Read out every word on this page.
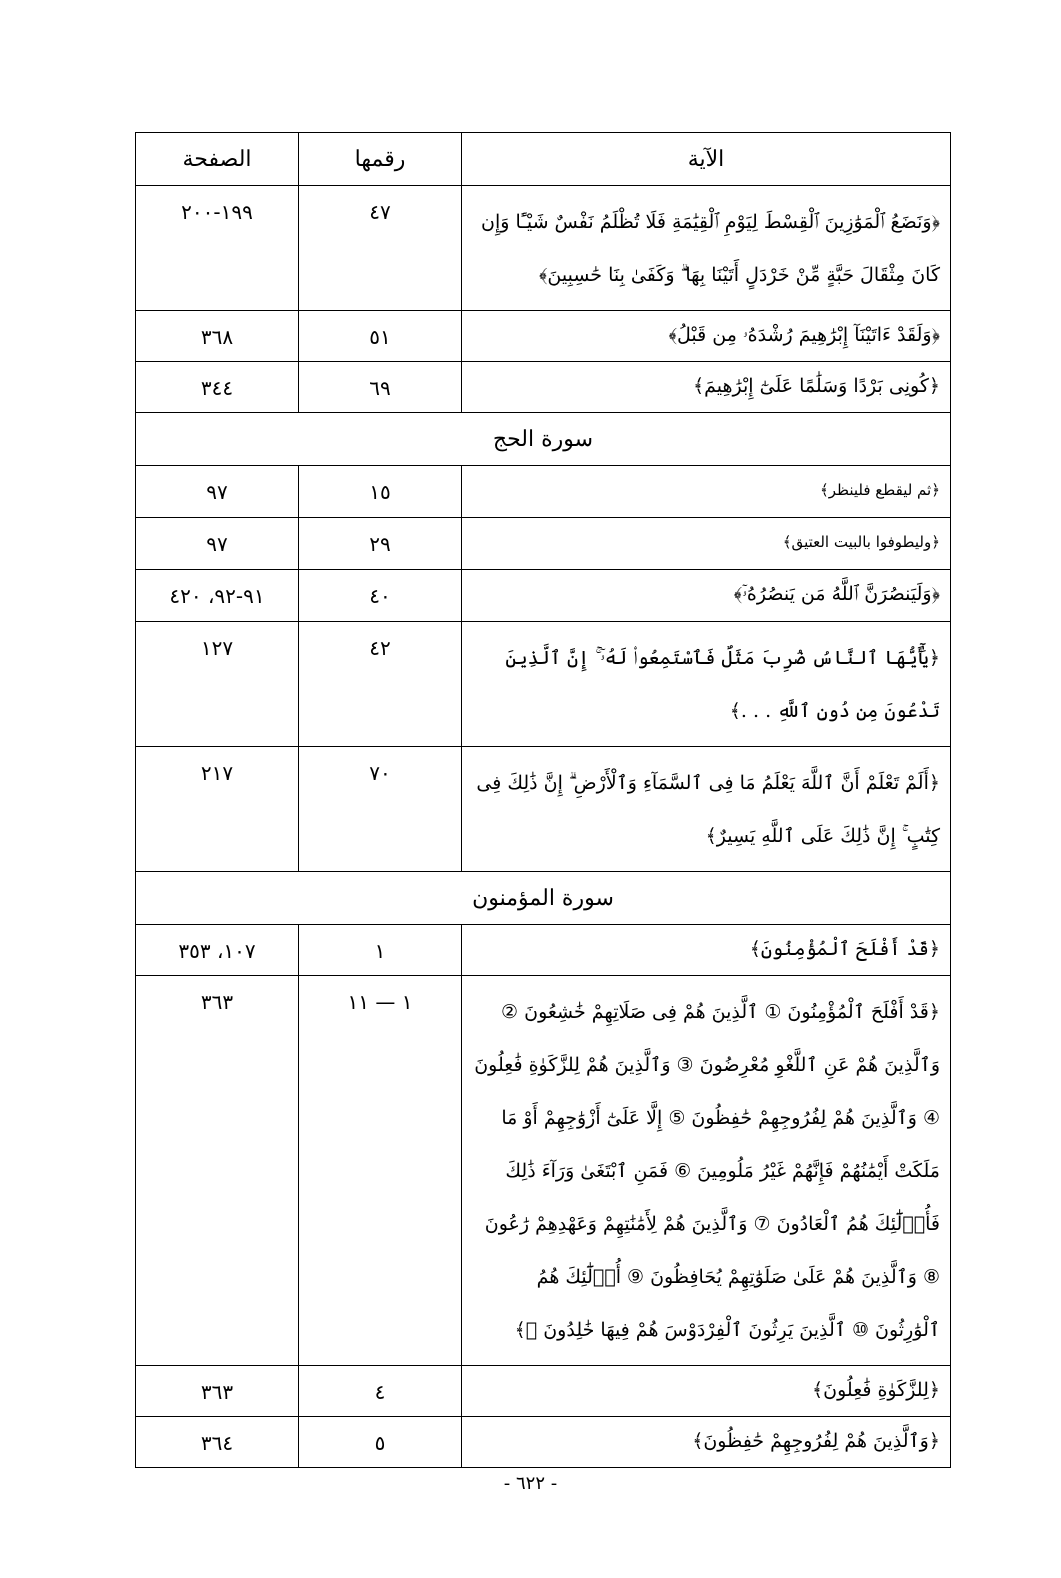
الآية	رقمها	الصفحة
﴿وَنَضَعُ ٱلْمَوَٰزِينَ ٱلْقِسْطَ لِيَوْمِ ٱلْقِيَٰمَةِ فَلَا تُظْلَمُ نَفْسٌ شَيْـًٔا وَإِن كَانَ مِثْقَالَ حَبَّةٍ مِّنْ خَرْدَلٍ أَتَيْنَا بِهَا ۗ وَكَفَىٰ بِنَا حَٰسِبِينَ﴾	٤٧	١٩٩-٢٠٠
﴿وَلَقَدْ ءَاتَيْنَآ إِبْرَٰهِيمَ رُشْدَهُۥ مِن قَبْلُ﴾	٥١	٣٦٨
﴿كُونِى بَرْدًا وَسَلَٰمًا عَلَىٰٓ إِبْرَٰهِيمَ﴾	٦٩	٣٤٤
سورة الحج		
﴿ثم ليقطع فلينظر﴾	١٥	٩٧
﴿وليطوفوا بالبيت العتيق﴾	٢٩	٩٧
﴿وَلَيَنصُرَنَّ ٱللَّهُ مَن يَنصُرُهُۥٓ﴾	٤٠	٩١-٩٢، ٤٢٠
﴿يَٰٓأَيُّهَا ٱلنَّاسُ ضُرِبَ مَثَلٌ فَٱسْتَمِعُوا۟ لَهُۥٓ ۚ إِنَّ ٱلَّذِينَ تَدْعُونَ مِن دُونِ ٱللَّهِ . . .﴾	٤٢	١٢٧
﴿أَلَمْ تَعْلَمْ أَنَّ ٱللَّهَ يَعْلَمُ مَا فِى ٱلسَّمَآءِ وَٱلْأَرْضِ ۗ إِنَّ ذَٰلِكَ فِى كِتَٰبٍ ۚ إِنَّ ذَٰلِكَ عَلَى ٱللَّهِ يَسِيرٌ﴾	٧٠	٢١٧
سورة المؤمنون		
﴿قَدْ أَفْلَحَ ٱلْمُؤْمِنُونَ﴾	١	١٠٧، ٣٥٣
﴿قَدْ أَفْلَحَ ٱلْمُؤْمِنُونَ ① ٱلَّذِينَ هُمْ فِى صَلَاتِهِمْ خَٰشِعُونَ ② وَٱلَّذِينَ هُمْ عَنِ ٱللَّغْوِ مُعْرِضُونَ ③ وَٱلَّذِينَ هُمْ لِلزَّكَوٰةِ فَٰعِلُونَ ④ وَٱلَّذِينَ هُمْ لِفُرُوجِهِمْ حَٰفِظُونَ ⑤ إِلَّا عَلَىٰٓ أَزْوَٰجِهِمْ أَوْ مَا مَلَكَتْ أَيْمَٰنُهُمْ فَإِنَّهُمْ غَيْرُ مَلُومِينَ ⑥ فَمَنِ ٱبْتَغَىٰ وَرَآءَ ذَٰلِكَ فَأُو۟لَٰٓئِكَ هُمُ ٱلْعَادُونَ ⑦ وَٱلَّذِينَ هُمْ لِأَمَٰنَٰتِهِمْ وَعَهْدِهِمْ رَٰعُونَ ⑧ وَٱلَّذِينَ هُمْ عَلَىٰ صَلَوَٰتِهِمْ يُحَافِظُونَ ⑨ أُو۟لَٰٓئِكَ هُمُ ٱلْوَٰرِثُونَ ⑩ ٱلَّذِينَ يَرِثُونَ ٱلْفِرْدَوْسَ هُمْ فِيهَا خَٰلِدُونَ ⑪﴾	١ — ١١	٣٦٣
﴿لِلزَّكَوٰةِ فَٰعِلُونَ﴾	٤	٣٦٣
﴿وَٱلَّذِينَ هُمْ لِفُرُوجِهِمْ حَٰفِظُونَ﴾	٥	٣٦٤
- ٦٢٢ -
